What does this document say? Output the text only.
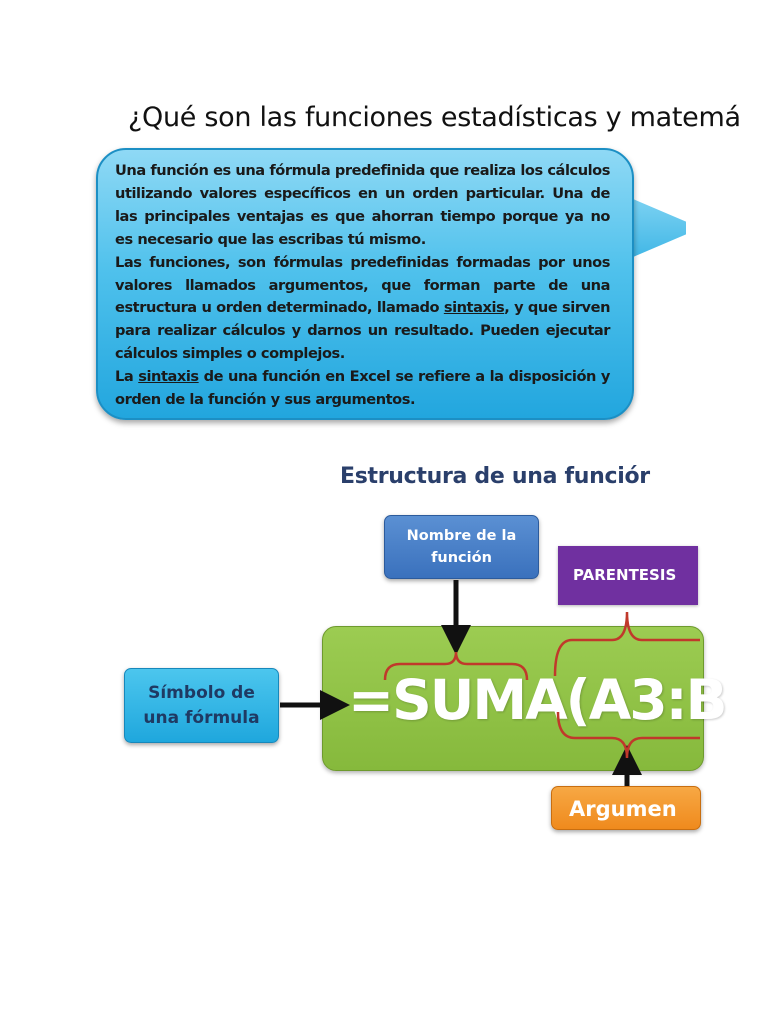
¿Qué son las funciones estadísticas y matemá

Una función es una fórmula predefinida que realiza los cálculos utilizando valores específicos en un orden particular. Una de las principales ventajas es que ahorran tiempo porque ya no es necesario que las escribas tú mismo.

Las funciones, son fórmulas predefinidas formadas por unos valores llamados argumentos, que forman parte de una estructura u orden determinado, llamado sintaxis, y que sirven para realizar cálculos y darnos un resultado. Pueden ejecutar cálculos simples o complejos.

La sintaxis de una función en Excel se refiere a la disposición y orden de la función y sus argumentos.

Estructura de una funciór
=SUMA(A3:B
Nombre de la función
Símbolo de una fórmula
Argumen
PARENTESIS
